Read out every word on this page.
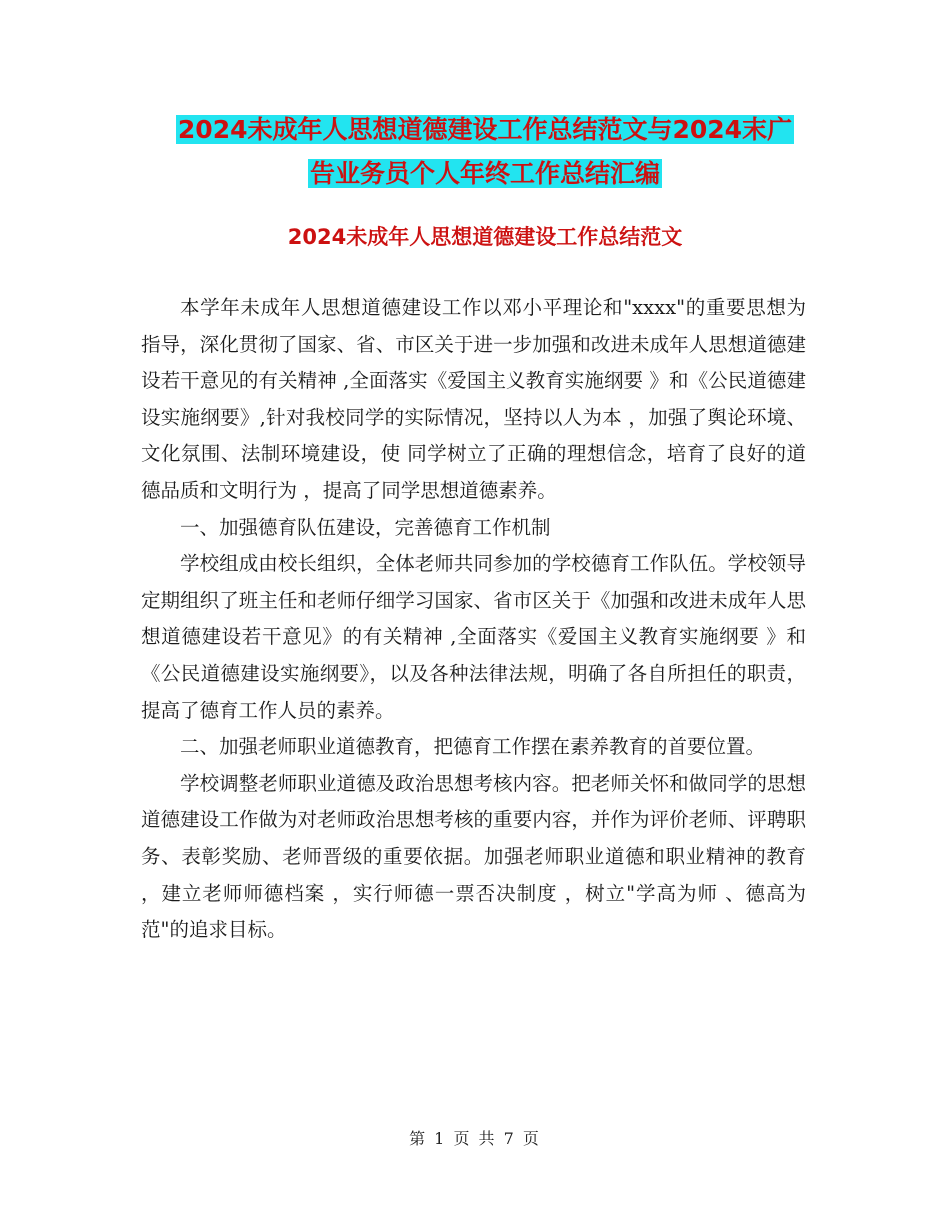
2024未成年人思想道德建设工作总结范文与2024末广
告业务员个人年终工作总结汇编
2024未成年人思想道德建设工作总结范文

本学年未成年人思想道德建设工作以邓小平理论和"xxxx"的重要思想为指导，深化贯彻了国家、省、市区关于进一步加强和改进未成年人思想道德建设若干意见的有关精神 ,全面落实《爱国主义教育实施纲要 》和《公民道德建设实施纲要》,针对我校同学的实际情况，坚持以人为本 ，加强了舆论环境、文化氛围、法制环境建设，使 同学树立了正确的理想信念，培育了良好的道德品质和文明行为 ，提高了同学思想道德素养。

一、加强德育队伍建设，完善德育工作机制

学校组成由校长组织，全体老师共同参加的学校德育工作队伍。学校领导定期组织了班主任和老师仔细学习国家、省市区关于《加强和改进未成年人思想道德建设若干意见》的有关精神 ,全面落实《爱国主义教育实施纲要 》和《公民道德建设实施纲要》，以及各种法律法规，明确了各自所担任的职责，提高了德育工作人员的素养。

二、加强老师职业道德教育，把德育工作摆在素养教育的首要位置。

学校调整老师职业道德及政治思想考核内容。把老师关怀和做同学的思想道德建设工作做为对老师政治思想考核的重要内容，并作为评价老师、评聘职务、表彰奖励、老师晋级的重要依据。加强老师职业道德和职业精神的教育 ，建立老师师德档案 ，实行师德一票否决制度 ，树立"学高为师 、德高为范"的追求目标。

第 1 页 共 7 页
